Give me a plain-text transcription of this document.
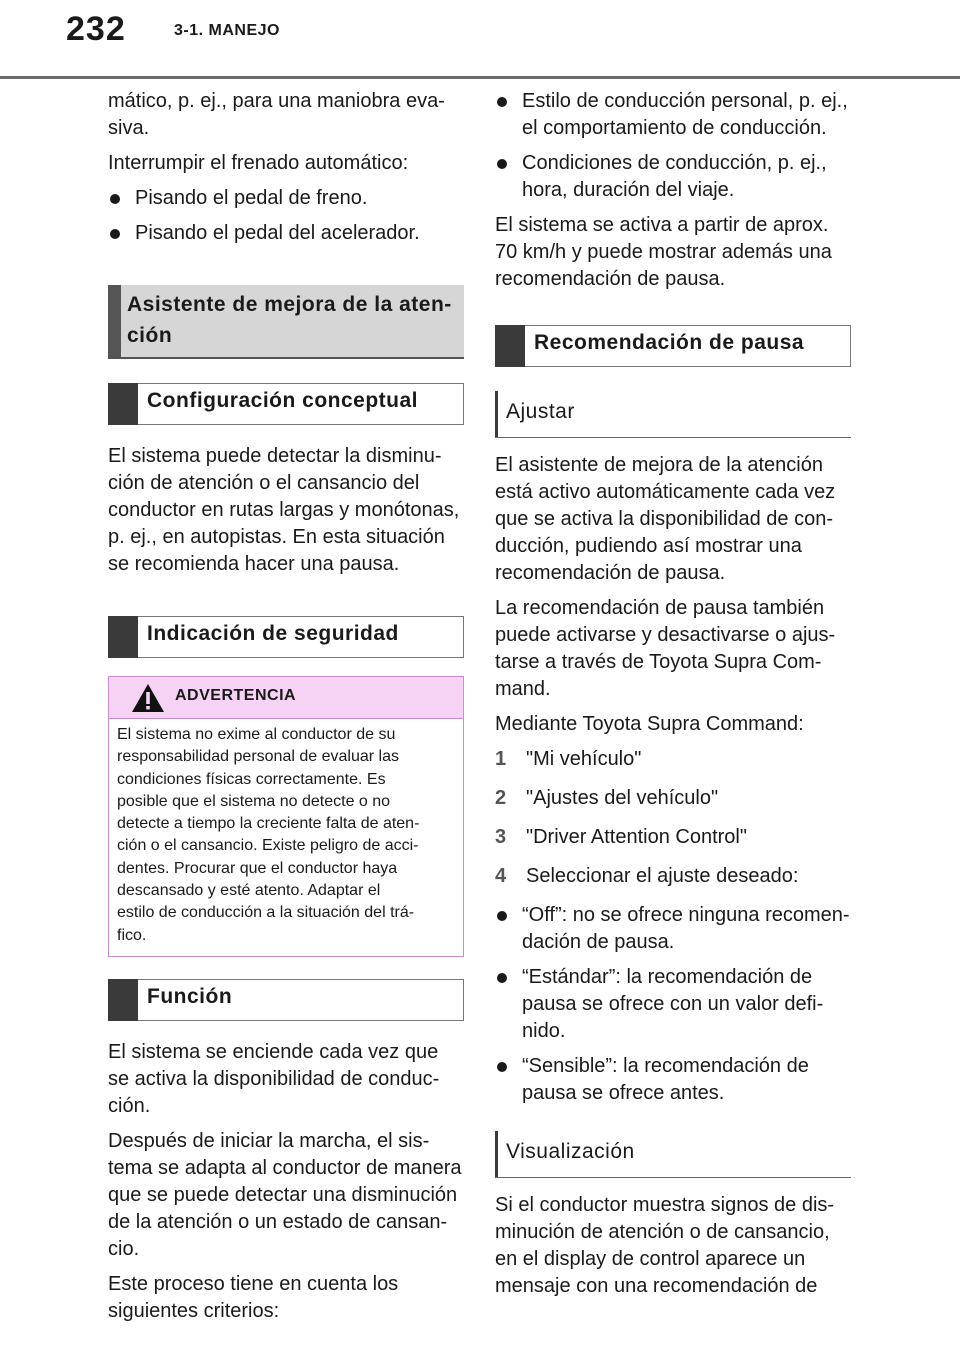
232	3-1. MANEJO

mático, p. ej., para una maniobra eva-
siva.

Interrumpir el frenado automático:

Pisando el pedal de freno.
Pisando el pedal del acelerador.
Asistente de mejora de la aten-
ción
Configuración conceptual

El sistema puede detectar la disminu-
ción de atención o el cansancio del
conductor en rutas largas y monótonas,
p. ej., en autopistas. En esta situación
se recomienda hacer una pausa.

Indicación de seguridad
ADVERTENCIA
El sistema no exime al conductor de su
responsabilidad personal de evaluar las
condiciones físicas correctamente. Es
posible que el sistema no detecte o no
detecte a tiempo la creciente falta de aten-
ción o el cansancio. Existe peligro de acci-
dentes. Procurar que el conductor haya
descansado y esté atento. Adaptar el
estilo de conducción a la situación del trá-
fico.
Función

El sistema se enciende cada vez que
se activa la disponibilidad de conduc-
ción.

Después de iniciar la marcha, el sis-
tema se adapta al conductor de manera
que se puede detectar una disminución
de la atención o un estado de cansan-
cio.

Este proceso tiene en cuenta los
siguientes criterios:

Estilo de conducción personal, p. ej.,
el comportamiento de conducción.
Condiciones de conducción, p. ej.,
hora, duración del viaje.

El sistema se activa a partir de aprox.
70 km/h y puede mostrar además una
recomendación de pausa.

Recomendación de pausa
Ajustar

El asistente de mejora de la atención
está activo automáticamente cada vez
que se activa la disponibilidad de con-
ducción, pudiendo así mostrar una
recomendación de pausa.

La recomendación de pausa también
puede activarse y desactivarse o ajus-
tarse a través de Toyota Supra Com-
mand.

Mediante Toyota Supra Command:

1 "Mi vehículo"
2 "Ajustes del vehículo"
3 "Driver Attention Control"
4 Seleccionar el ajuste deseado:
“Off”: no se ofrece ninguna recomen-
dación de pausa.
“Estándar”: la recomendación de
pausa se ofrece con un valor defi-
nido.
“Sensible”: la recomendación de
pausa se ofrece antes.
Visualización

Si el conductor muestra signos de dis-
minución de atención o de cansancio,
en el display de control aparece un
mensaje con una recomendación de
